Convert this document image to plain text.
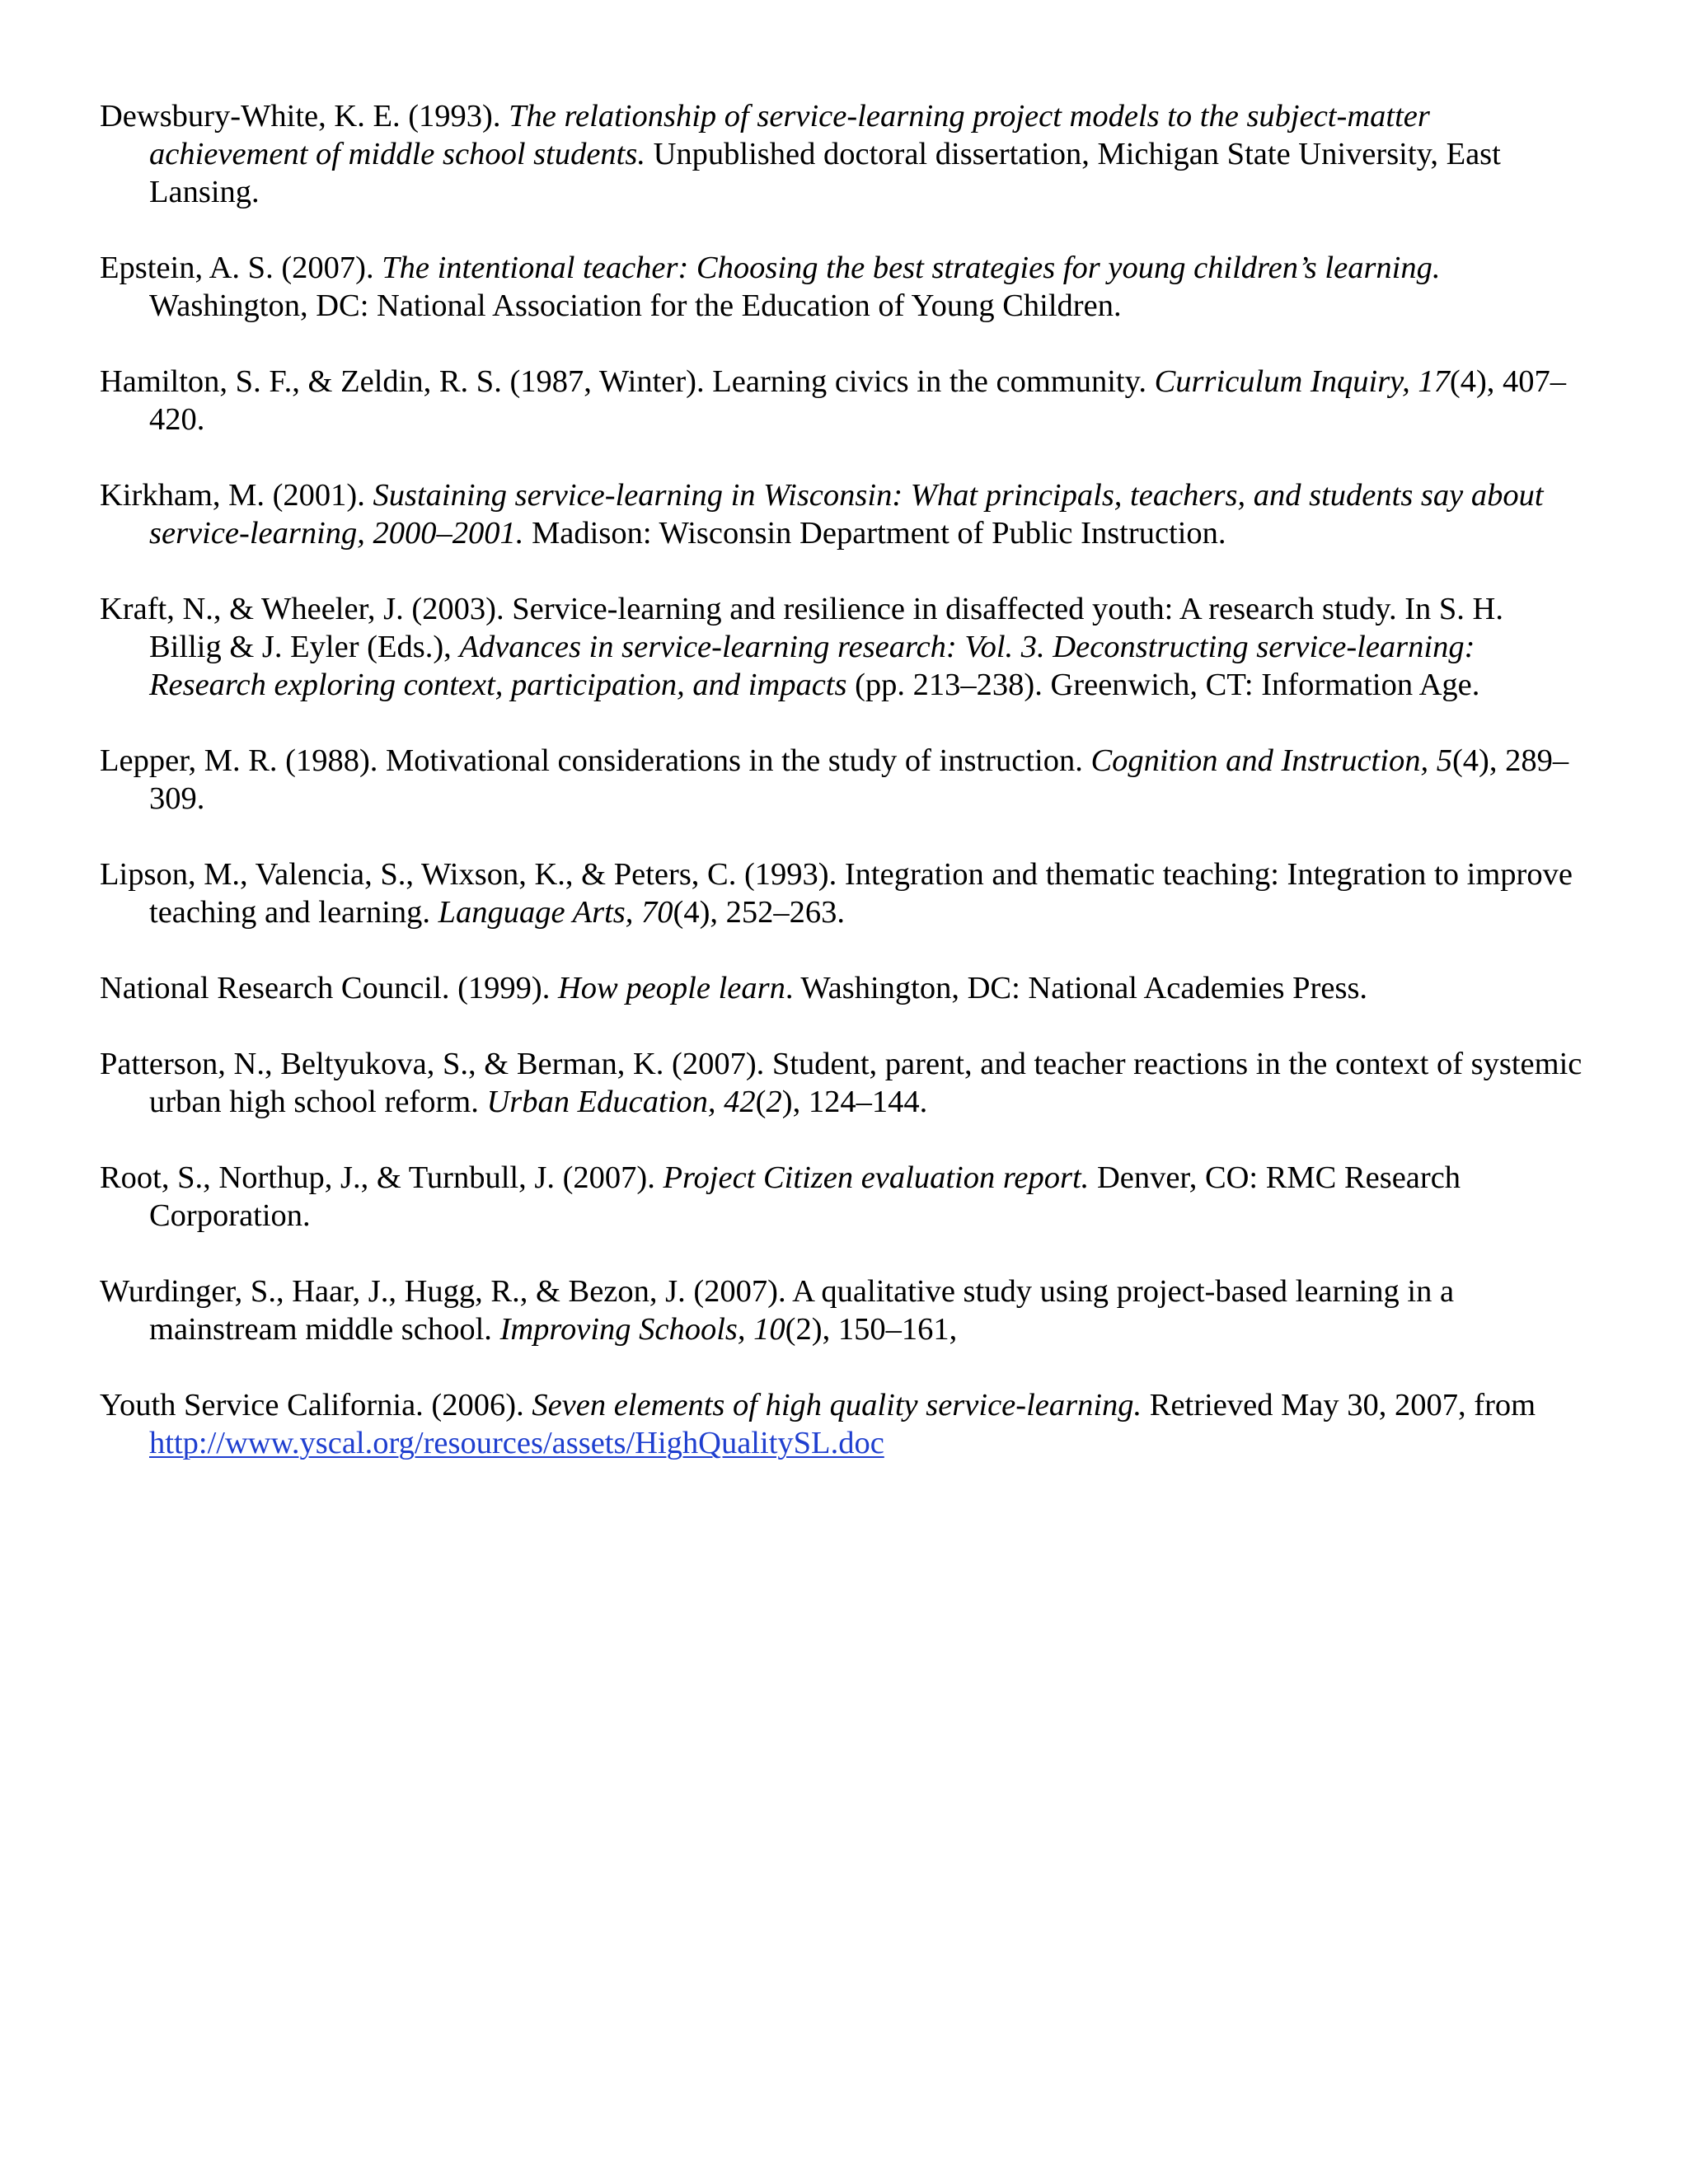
Dewsbury-White, K. E. (1993). The relationship of service-learning project models to the subject-matter achievement of middle school students. Unpublished doctoral dissertation, Michigan State University, East Lansing.

Epstein, A. S. (2007). The intentional teacher: Choosing the best strategies for young children’s learning. Washington, DC: National Association for the Education of Young Children.

Hamilton, S. F., & Zeldin, R. S. (1987, Winter). Learning civics in the community. Curriculum Inquiry, 17(4), 407–420.

Kirkham, M. (2001). Sustaining service-learning in Wisconsin: What principals, teachers, and students say about service-learning, 2000–2001. Madison: Wisconsin Department of Public Instruction.

Kraft, N., & Wheeler, J. (2003). Service-learning and resilience in disaffected youth: A research study. In S. H. Billig & J. Eyler (Eds.), Advances in service-learning research: Vol. 3. Deconstructing service-learning: Research exploring context, participation, and impacts (pp. 213–238). Greenwich, CT: Information Age.

Lepper, M. R. (1988). Motivational considerations in the study of instruction. Cognition and Instruction, 5(4), 289–309.

Lipson, M., Valencia, S., Wixson, K., & Peters, C. (1993). Integration and thematic teaching: Integration to improve teaching and learning. Language Arts, 70(4), 252–263.

National Research Council. (1999). How people learn. Washington, DC: National Academies Press.

Patterson, N., Beltyukova, S., & Berman, K. (2007). Student, parent, and teacher reactions in the context of systemic urban high school reform. Urban Education, 42(2), 124–144.

Root, S., Northup, J., & Turnbull, J. (2007). Project Citizen evaluation report. Denver, CO: RMC Research Corporation.

Wurdinger, S., Haar, J., Hugg, R., & Bezon, J. (2007). A qualitative study using project-based learning in a mainstream middle school. Improving Schools, 10(2), 150–161,

Youth Service California. (2006). Seven elements of high quality service-learning. Retrieved May 30, 2007, from http://www.yscal.org/resources/assets/HighQualitySL.doc
